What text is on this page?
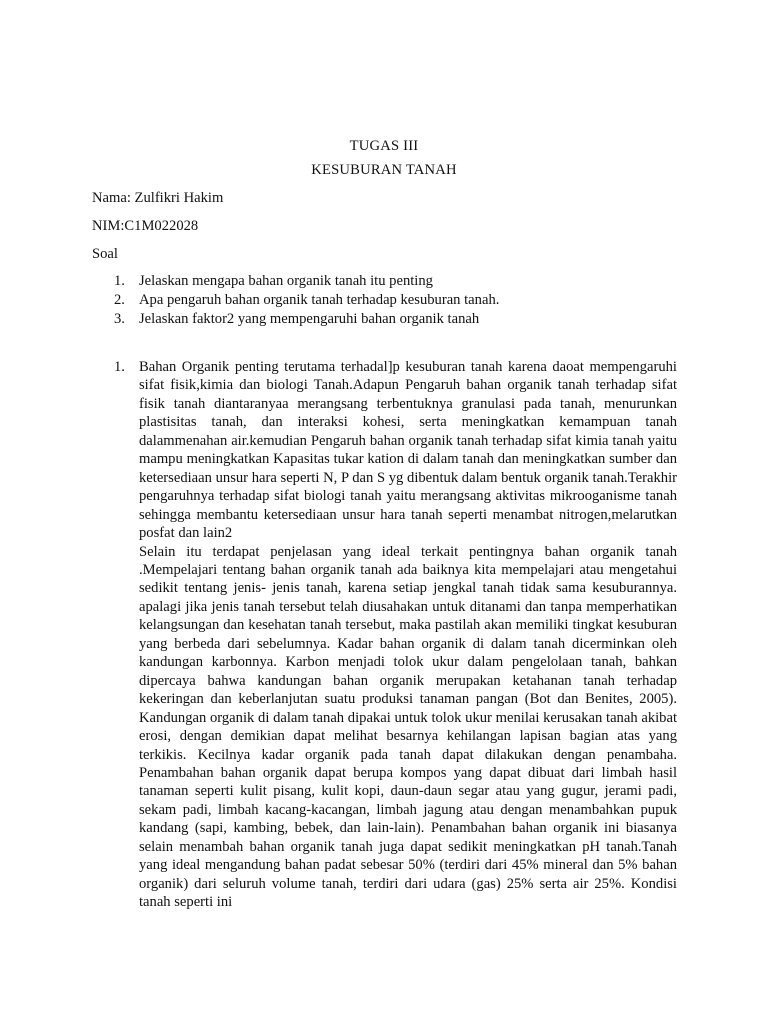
TUGAS III
KESUBURAN TANAH
Nama: Zulfikri Hakim
NIM:C1M022028
Soal
1. Jelaskan mengapa bahan organik tanah itu penting
2. Apa pengaruh bahan organik tanah terhadap kesuburan tanah.
3. Jelaskan faktor2 yang mempengaruhi bahan organik tanah
1. Bahan Organik penting terutama terhadal]p kesuburan tanah karena daoat mempengaruhi sifat fisik,kimia dan biologi Tanah.Adapun Pengaruh bahan organik tanah terhadap sifat fisik tanah diantaranyaa merangsang terbentuknya granulasi pada tanah, menurunkan plastisitas tanah, dan interaksi kohesi, serta meningkatkan kemampuan tanah dalammenahan air.kemudian Pengaruh bahan organik tanah terhadap sifat kimia tanah yaitu mampu meningkatkan Kapasitas tukar kation di dalam tanah dan meningkatkan sumber dan ketersediaan unsur hara seperti N, P dan S yg dibentuk dalam bentuk organik tanah.Terakhir pengaruhnya terhadap sifat biologi tanah yaitu merangsang aktivitas mikrooganisme tanah sehingga membantu ketersediaan unsur hara tanah seperti menambat nitrogen,melarutkan posfat dan lain2

Selain itu terdapat penjelasan yang ideal terkait pentingnya bahan organik tanah .Mempelajari tentang bahan organik tanah ada baiknya kita mempelajari atau mengetahui sedikit tentang jenis- jenis tanah, karena setiap jengkal tanah tidak sama kesuburannya. apalagi jika jenis tanah tersebut telah diusahakan untuk ditanami dan tanpa memperhatikan kelangsungan dan kesehatan tanah tersebut, maka pastilah akan memiliki tingkat kesuburan yang berbeda dari sebelumnya. Kadar bahan organik di dalam tanah dicerminkan oleh kandungan karbonnya. Karbon menjadi tolok ukur dalam pengelolaan tanah, bahkan dipercaya bahwa kandungan bahan organik merupakan ketahanan tanah terhadap kekeringan dan keberlanjutan suatu produksi tanaman pangan (Bot dan Benites, 2005). Kandungan organik di dalam tanah dipakai untuk tolok ukur menilai kerusakan tanah akibat erosi, dengan demikian dapat melihat besarnya kehilangan lapisan bagian atas yang terkikis. Kecilnya kadar organik pada tanah dapat dilakukan dengan penambaha. Penambahan bahan organik dapat berupa kompos yang dapat dibuat dari limbah hasil tanaman seperti kulit pisang, kulit kopi, daun-daun segar atau yang gugur, jerami padi, sekam padi, limbah kacang-kacangan, limbah jagung atau dengan menambahkan pupuk kandang (sapi, kambing, bebek, dan lain-lain). Penambahan bahan organik ini biasanya selain menambah bahan organik tanah juga dapat sedikit meningkatkan pH tanah.Tanah yang ideal mengandung bahan padat sebesar 50% (terdiri dari 45% mineral dan 5% bahan organik) dari seluruh volume tanah, terdiri dari udara (gas) 25% serta air 25%. Kondisi tanah seperti ini
